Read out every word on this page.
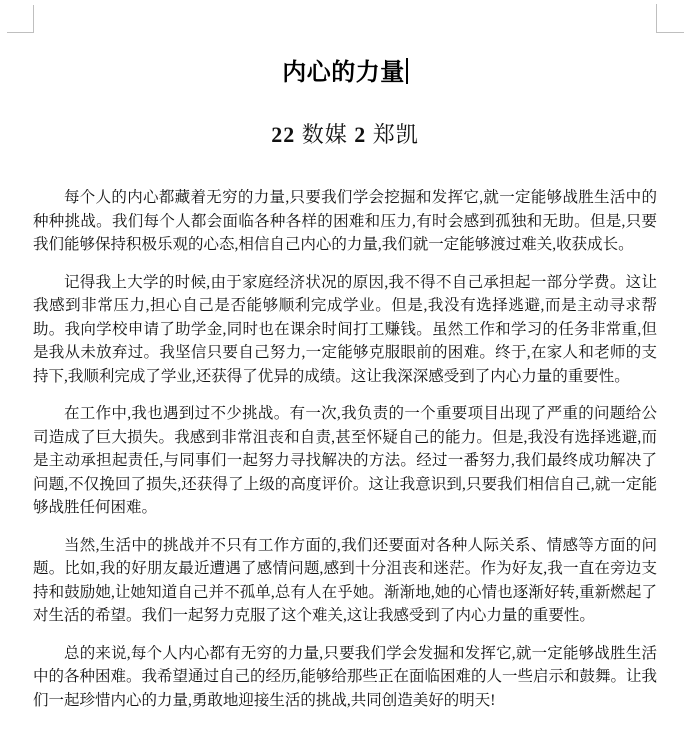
内心的力量
22 数媒 2 郑凯

每个人的内心都藏着无穷的力量,只要我们学会挖掘和发挥它,就一定能够战胜生活中的种种挑战。我们每个人都会面临各种各样的困难和压力,有时会感到孤独和无助。但是,只要我们能够保持积极乐观的心态,相信自己内心的力量,我们就一定能够渡过难关,收获成长。

记得我上大学的时候,由于家庭经济状况的原因,我不得不自己承担起一部分学费。这让我感到非常压力,担心自己是否能够顺利完成学业。但是,我没有选择逃避,而是主动寻求帮助。我向学校申请了助学金,同时也在课余时间打工赚钱。虽然工作和学习的任务非常重,但是我从未放弃过。我坚信只要自己努力,一定能够克服眼前的困难。终于,在家人和老师的支持下,我顺利完成了学业,还获得了优异的成绩。这让我深深感受到了内心力量的重要性。

在工作中,我也遇到过不少挑战。有一次,我负责的一个重要项目出现了严重的问题给公司造成了巨大损失。我感到非常沮丧和自责,甚至怀疑自己的能力。但是,我没有选择逃避,而是主动承担起责任,与同事们一起努力寻找解决的方法。经过一番努力,我们最终成功解决了问题,不仅挽回了损失,还获得了上级的高度评价。这让我意识到,只要我们相信自己,就一定能够战胜任何困难。

当然,生活中的挑战并不只有工作方面的,我们还要面对各种人际关系、情感等方面的问题。比如,我的好朋友最近遭遇了感情问题,感到十分沮丧和迷茫。作为好友,我一直在旁边支持和鼓励她,让她知道自己并不孤单,总有人在乎她。渐渐地,她的心情也逐渐好转,重新燃起了对生活的希望。我们一起努力克服了这个难关,这让我感受到了内心力量的重要性。

总的来说,每个人内心都有无穷的力量,只要我们学会发掘和发挥它,就一定能够战胜生活中的各种困难。我希望通过自己的经历,能够给那些正在面临困难的人一些启示和鼓舞。让我们一起珍惜内心的力量,勇敢地迎接生活的挑战,共同创造美好的明天!
